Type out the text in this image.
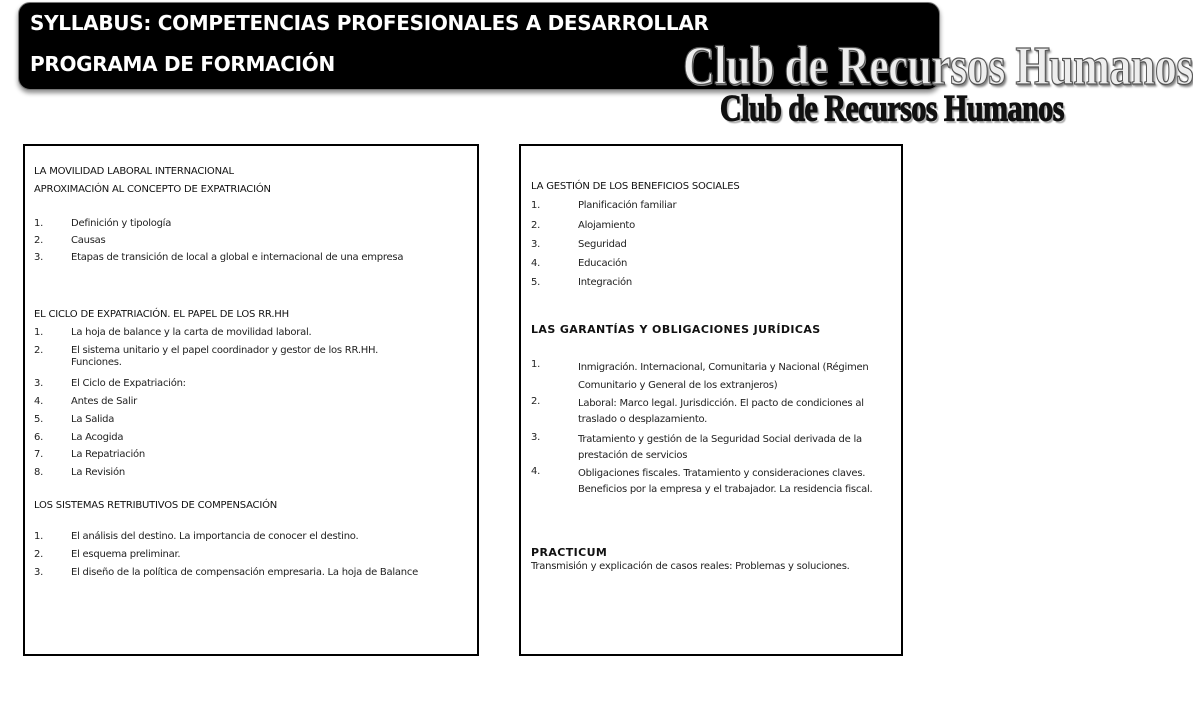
SYLLABUS: COMPETENCIAS PROFESIONALES A DESARROLLAR
PROGRAMA DE FORMACIÓN	Club de Recursos Humanos
Club de Recursos Humanos

LA MOVILIDAD LABORAL INTERNACIONAL

APROXIMACIÓN AL CONCEPTO DE EXPATRIACIÓN

1.	Definición y tipología
2.	Causas
3.	Etapas de transición de local a global e internacional de una empresa

EL CICLO DE EXPATRIACIÓN. EL PAPEL DE LOS RR.HH

1.	La hoja de balance y la carta de movilidad laboral.
2.	El sistema unitario y el papel coordinador y gestor de los RR.HH. Funciones.
3.	El Ciclo de Expatriación:
4.	Antes de Salir
5.	La Salida
6.	La Acogida
7.	La Repatriación
8.	La Revisión

LOS SISTEMAS RETRIBUTIVOS DE COMPENSACIÓN

1.	El análisis del destino. La importancia de conocer el destino.
2.	El esquema preliminar.
3.	El diseño de la política de compensación empresaria. La hoja de Balance

LA GESTIÓN DE LOS BENEFICIOS SOCIALES

1.	Planificación familiar
2.	Alojamiento
3.	Seguridad
4.	Educación
5.	Integración

LAS GARANTÍAS Y OBLIGACIONES JURÍDICAS

1.	Inmigración. Internacional, Comunitaria y Nacional (Régimen Comunitario y General de los extranjeros)
2.	Laboral: Marco legal. Jurisdicción. El pacto de condiciones al traslado o desplazamiento.
3.	Tratamiento y gestión de la Seguridad Social derivada de la prestación de servicios
4.	Obligaciones fiscales. Tratamiento y consideraciones claves. Beneficios por la empresa y el trabajador. La residencia fiscal.

PRACTICUM

Transmisión y explicación de casos reales: Problemas y soluciones.
